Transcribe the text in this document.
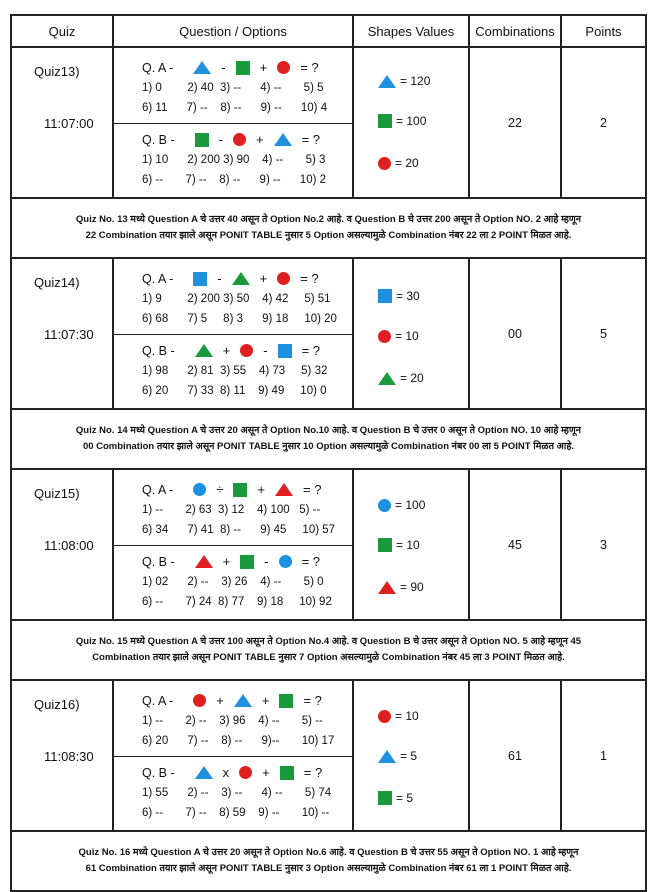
Quiz	Question / Options	Shapes Values	Combinations	Points
Quiz13)
11:07:00
Q. A -	-	+	= ?
1) 0        2) 40  3) --      4) --       5) 5
6) 11      7) --    8) --      9) --      10) 4
Q. B -	-	+	= ?
1) 10      2) 200 3) 90    4) --       5) 3
6) --       7) --    8) --      9) --      10) 2
= 120
= 100
= 20
22	2
Quiz No. 13 मध्ये Question A चे उत्तर 40 असून ते Option No.2 आहे. व Question B चे उत्तर 200 असून ते Option NO. 2 आहे म्हणून 22 Combination तयार झाले असून PONIT TABLE नुसार 5 Option असल्यामुळे Combination नंबर 22 ला 2 POINT मिळत आहे.
Quiz14)
11:07:30
Q. A -	-	+	= ?
1) 9        2) 200 3) 50    4) 42     5) 51
6) 68      7) 5     8) 3      9) 18     10) 20
Q. B -	+	-	= ?
1) 98      2) 81  3) 55    4) 73     5) 32
6) 20      7) 33  8) 11    9) 49     10) 0
= 30
= 10
= 20
00	5
Quiz No. 14 मध्ये Question A चे उत्तर 20 असून ते Option No.10 आहे. व Question B चे उत्तर 0 असून ते Option NO. 10 आहे म्हणून 00 Combination तयार झाले असून PONIT TABLE नुसार 10 Option असल्यामुळे Combination नंबर 00 ला 5 POINT मिळत आहे.
Quiz15)
11:08:00
Q. A -	÷	+	= ?
1) --       2) 63  3) 12    4) 100   5) --
6) 34      7) 41  8) --      9) 45     10) 57
Q. B -	+	-	= ?
1) 02      2) --    3) 26    4) --       5) 0
6) --       7) 24  8) 77    9) 18     10) 92
= 100
= 10
= 90
45	3
Quiz No. 15 मध्ये Question A चे उत्तर 100 असून ते Option No.4 आहे. व Question B चे उत्तर असून ते Option NO. 5 आहे म्हणून 45 Combination तयार झाले असून PONIT TABLE नुसार 7 Option असल्यामुळे Combination नंबर 45 ला 3 POINT मिळत आहे.
Quiz16)
11:08:30
Q. A -	+	+	= ?
1) --       2) --    3) 96    4) --       5) --
6) 20      7) --    8) --      9)--       10) 17
Q. B -	x	+	= ?
1) 55      2) --    3) --      4) --       5) 74
6) --       7) --    8) 59    9) --       10) --
= 10
= 5
= 5
61	1
Quiz No. 16 मध्ये Question A चे उत्तर 20 असून ते Option No.6 आहे. व Question B चे उत्तर 55 असून ते Option NO. 1 आहे म्हणून 61 Combination तयार झाले असून PONIT TABLE नुसार 3 Option असल्यामुळे Combination नंबर 61 ला 1 POINT मिळत आहे.
